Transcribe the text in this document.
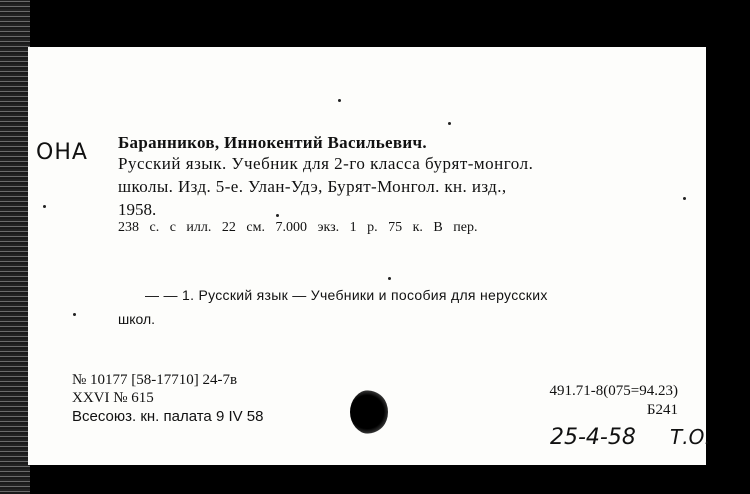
ОНА Баранников, Иннокентий Васильевич.
Русский язык. Учебник для 2-го класса бурят-монгол.
школы. Изд. 5-е. Улан-Удэ, Бурят-Монгол. кн. изд.,
1958.
238 с. с илл. 22 см. 7.000 экз. 1 р. 75 к. В пер.
— — 1. Русский язык — Учебники и пособия для нерусских
школ.
№ 10177 [58-17710] 24-7в
XXVI № 615
Всесоюз. кн. палата 9 IV 58
491.71-8(075=94.23)
Б241
25-4-58 Т.О.
